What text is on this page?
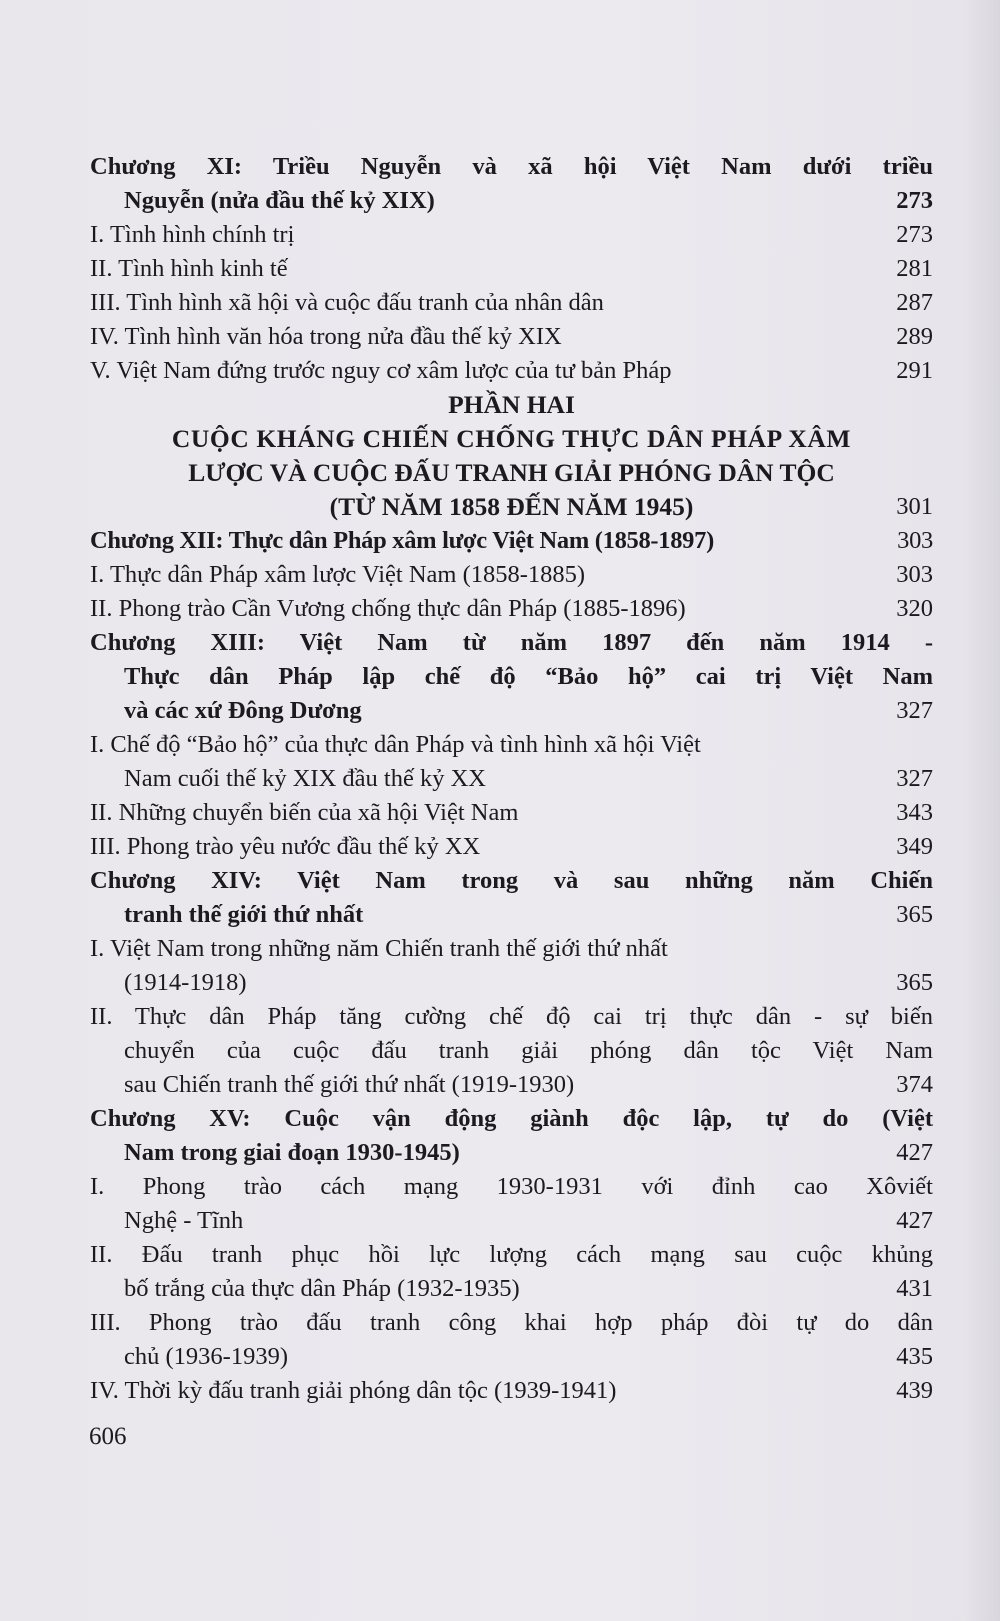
Chương XI: Triều Nguyễn và xã hội Việt Nam dưới triều
Nguyễn (nửa đầu thế kỷ XIX)	273
I. Tình hình chính trị	273
II. Tình hình kinh tế	281
III. Tình hình xã hội và cuộc đấu tranh của nhân dân	287
IV. Tình hình văn hóa trong nửa đầu thế kỷ XIX	289
V. Việt Nam đứng trước nguy cơ xâm lược của tư bản Pháp	291
PHẦN HAI
CUỘC KHÁNG CHIẾN CHỐNG THỰC DÂN PHÁP XÂM
LƯỢC VÀ CUỘC ĐẤU TRANH GIẢI PHÓNG DÂN TỘC
(TỪ NĂM 1858 ĐẾN NĂM 1945)	301
Chương XII: Thực dân Pháp xâm lược Việt Nam (1858-1897)	303
I. Thực dân Pháp xâm lược Việt Nam (1858-1885)	303
II. Phong trào Cần Vương chống thực dân Pháp (1885-1896)	320
Chương XIII: Việt Nam từ năm 1897 đến năm 1914 -
Thực dân Pháp lập chế độ “Bảo hộ” cai trị Việt Nam
và các xứ Đông Dương	327
I. Chế độ “Bảo hộ” của thực dân Pháp và tình hình xã hội Việt
Nam cuối thế kỷ XIX đầu thế kỷ XX	327
II. Những chuyển biến của xã hội Việt Nam	343
III. Phong trào yêu nước đầu thế kỷ XX	349
Chương XIV: Việt Nam trong và sau những năm Chiến
tranh thế giới thứ nhất	365
I. Việt Nam trong những năm Chiến tranh thế giới thứ nhất
(1914-1918)	365
II. Thực dân Pháp tăng cường chế độ cai trị thực dân - sự biến
chuyển của cuộc đấu tranh giải phóng dân tộc Việt Nam
sau Chiến tranh thế giới thứ nhất (1919-1930)	374
Chương XV: Cuộc vận động giành độc lập, tự do (Việt
Nam trong giai đoạn 1930-1945)	427
I. Phong trào cách mạng 1930-1931 với đỉnh cao Xôviết
Nghệ - Tĩnh	427
II. Đấu tranh phục hồi lực lượng cách mạng sau cuộc khủng
bố trắng của thực dân Pháp (1932-1935)	431
III. Phong trào đấu tranh công khai hợp pháp đòi tự do dân
chủ (1936-1939)	435
IV. Thời kỳ đấu tranh giải phóng dân tộc (1939-1941)	439
606
